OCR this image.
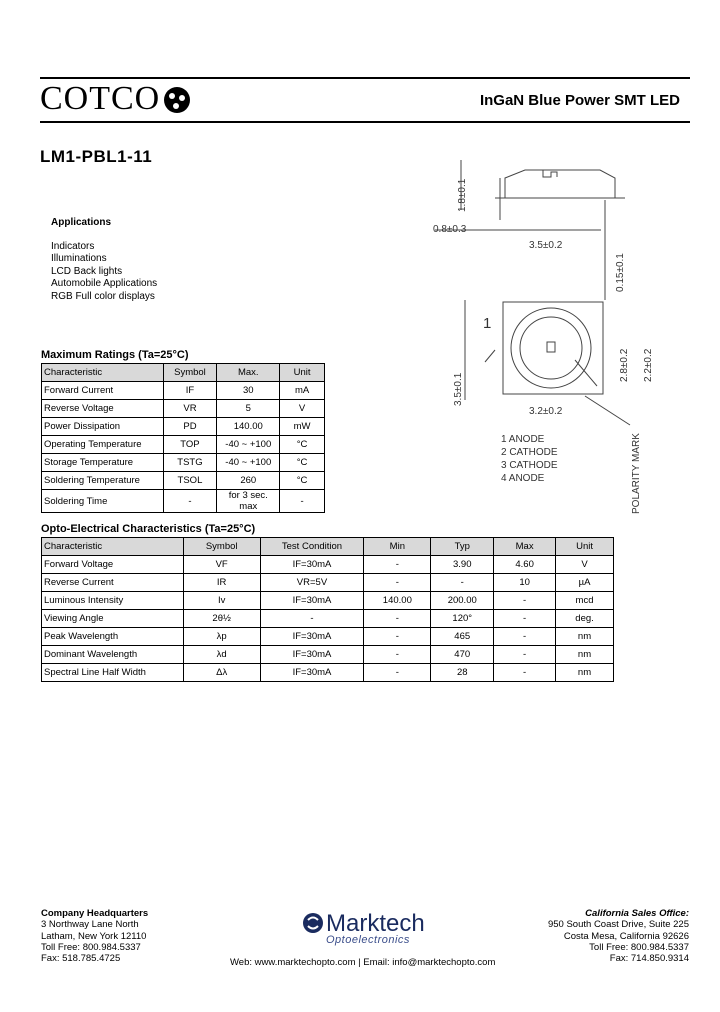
COTCO	InGaN Blue Power SMT LED
LM1-PBL1-11
Applications
Indicators
Illuminations
LCD Back lights
Automobile Applications
RGB Full color displays
Maximum Ratings (Ta=25°C)
Characteristic	Symbol	Max.	Unit
Forward Current	IF	30	mA
Reverse Voltage	VR	5	V
Power Dissipation	PD	140.00	mW
Operating Temperature	TOP	-40 ~ +100	°C
Storage Temperature	TSTG	-40 ~ +100	°C
Soldering Temperature	TSOL	260	°C
Soldering Time	-	for 3 sec. max	-
Opto-Electrical Characteristics (Ta=25°C)
Characteristic	Symbol	Test Condition	Min	Typ	Max	Unit
Forward Voltage	VF	IF=30mA	-	3.90	4.60	V
Reverse Current	IR	VR=5V	-	-	10	µA
Luminous Intensity	Iv	IF=30mA	140.00	200.00	-	mcd
Viewing Angle	2θ½	-	-	120°	-	deg.
Peak Wavelength	λp	IF=30mA	-	465	-	nm
Dominant Wavelength	λd	IF=30mA	-	470	-	nm
Spectral Line Half Width	Δλ	IF=30mA	-	28	-	nm
1.8±0.1
0.8±0.3
3.5±0.2
0.15±0.1
1
2.8±0.2 2.2±0.2
3.5±0.1
3.2±0.2
POLARITY MARK
1 ANODE
2 CATHODE
3 CATHODE
4 ANODE
Company Headquarters
3 Northway Lane North
Latham, New York 12110
Toll Free: 800.984.5337
Fax: 518.785.4725
Marktech
Optoelectronics
Web: www.marktechopto.com | Email: info@marktechopto.com
California Sales Office:
950 South Coast Drive, Suite 225
Costa Mesa, California 92626
Toll Free: 800.984.5337
Fax: 714.850.9314
